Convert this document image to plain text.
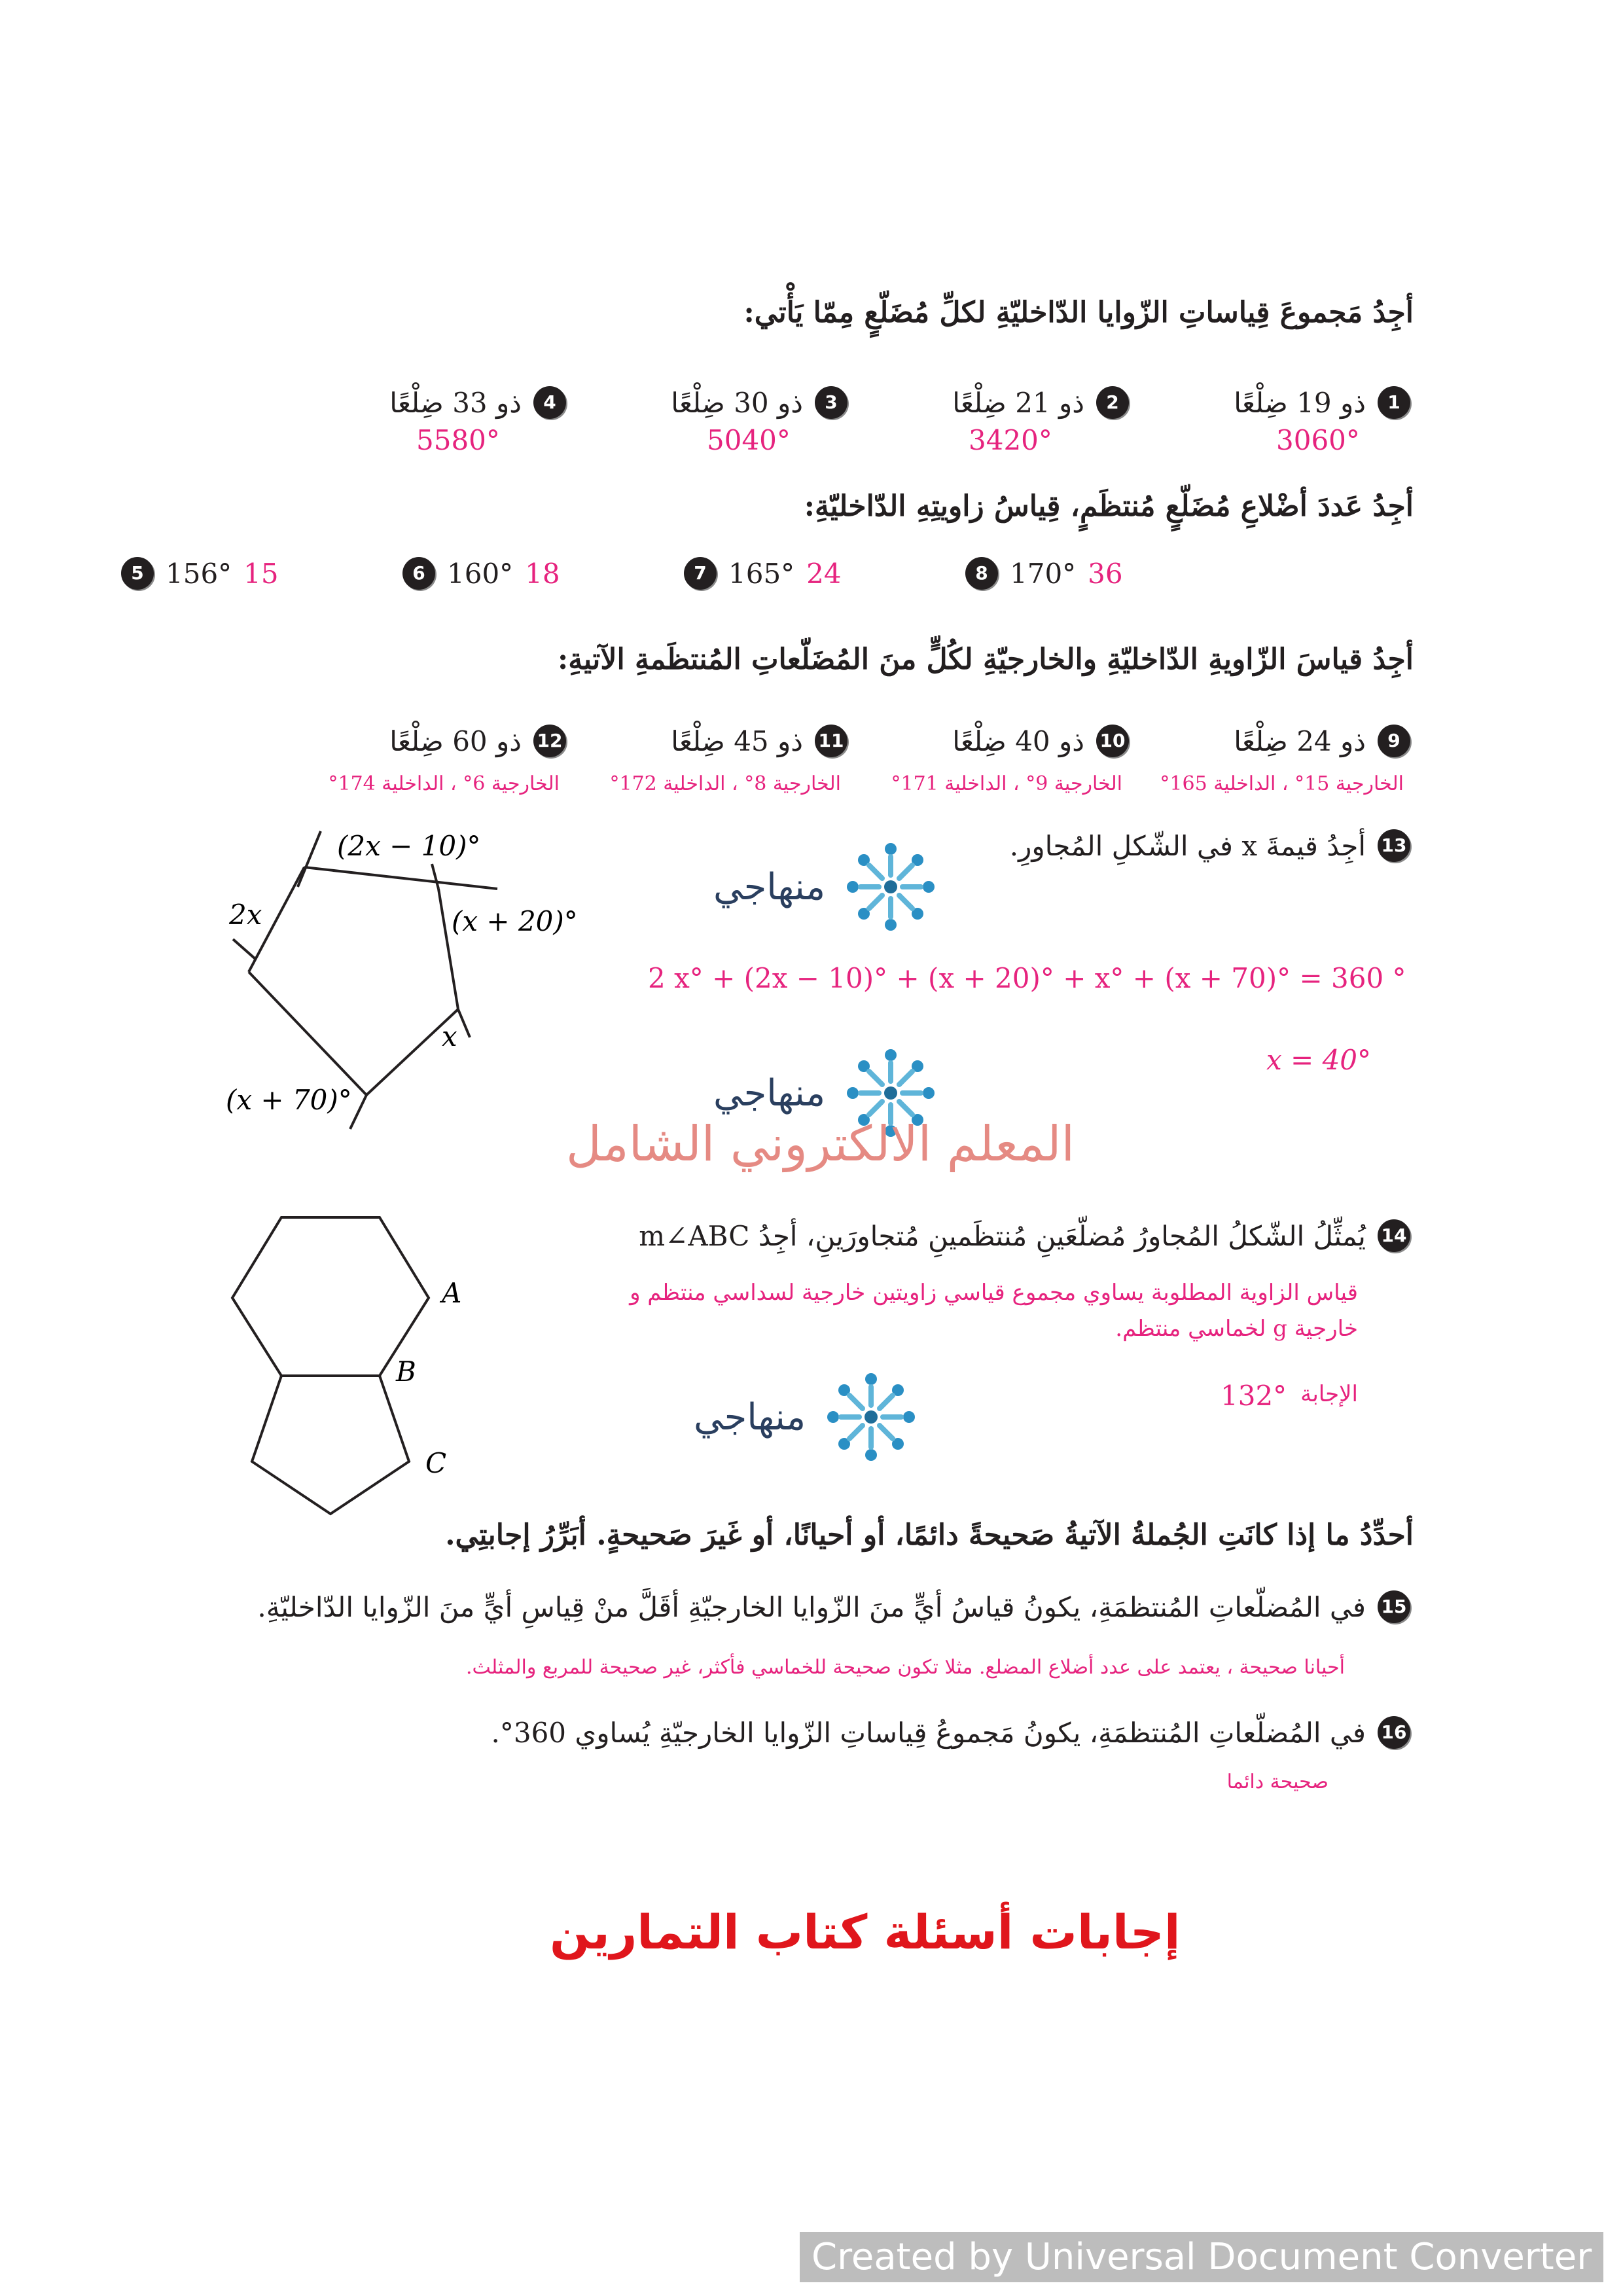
أجِدُ مَجموعَ قِياساتِ الزّوايا الدّاخليّةِ لكلِّ مُضَلّعٍ مِمّا يَأْتي:
1
ذو 19 ضِلْعًا
3060°
2
ذو 21 ضِلْعًا
3420°
3
ذو 30 ضِلْعًا
5040°
4
ذو 33 ضِلْعًا
5580°
أجِدُ عَددَ أضْلاعِ مُضَلّعٍ مُنتظَمٍ، قِياسُ زاويتِهِ الدّاخليّةِ:
5 156° 15	6 160° 18	7 165° 24	8 170° 36
أجِدُ قياسَ الزّاويةِ الدّاخليّةِ والخارجيّةِ لكُلٍّ منَ المُضَلّعاتِ المُنتظَمةِ الآتيةِ:
9
ذو 24 ضِلْعًا
10
ذو 40 ضِلْعًا
11
ذو 45 ضِلْعًا
12
ذو 60 ضِلْعًا
الخارجية 15° ، الداخلية 165°
الخارجية 9° ، الداخلية 171°
الخارجية 8° ، الداخلية 172°
الخارجية 6° ، الداخلية 174°
13
أجِدُ قيمةَ x في الشّكلِ المُجاورِ.
(2x − 10)°
2x	(x + 20)°
x
(x + 70)°
منهاجي
2 x° + (2x − 10)° + (x + 20)° + x° + (x + 70)° = 360 °
x = 40°
منهاجي
المعلم الالكتروني الشامل
14
يُمثِّلُ الشّكلُ المُجاورُ مُضلّعَينِ مُنتظَمينِ مُتجاورَينِ، أجِدُ m∠ABC
A
B
C
قياس الزاوية المطلوبة يساوي مجموع قياسي زاويتين خارجية لسداسي منتظم و
خارجية g لخماسي منتظم.
الإجابة
132°
منهاجي
أحدِّدُ ما إذا كانَتِ الجُملةُ الآتيةُ صَحيحةً دائمًا، أو أحيانًا، أو غَيرَ صَحيحةٍ. أبَرِّرُ إجابتِي.
15
في المُضلّعاتِ المُنتظمَةِ، يكونُ قياسُ أيٍّ منَ الزّوايا الخارجيّةِ أقَلَّ منْ قِياسِ أيٍّ منَ الزّوايا الدّاخليّةِ.
أحيانا صحيحة ، يعتمد على عدد أضلاع المضلع. مثلا تكون صحيحة للخماسي فأكثر، غير صحيحة للمربع والمثلث.
16
في المُضلّعاتِ المُنتظمَةِ، يكونُ مَجموعُ قِياساتِ الزّوايا الخارجيّةِ يُساوي 360°.
صحيحة دائما
إجابات أسئلة كتاب التمارين
Created by Universal Document Converter
